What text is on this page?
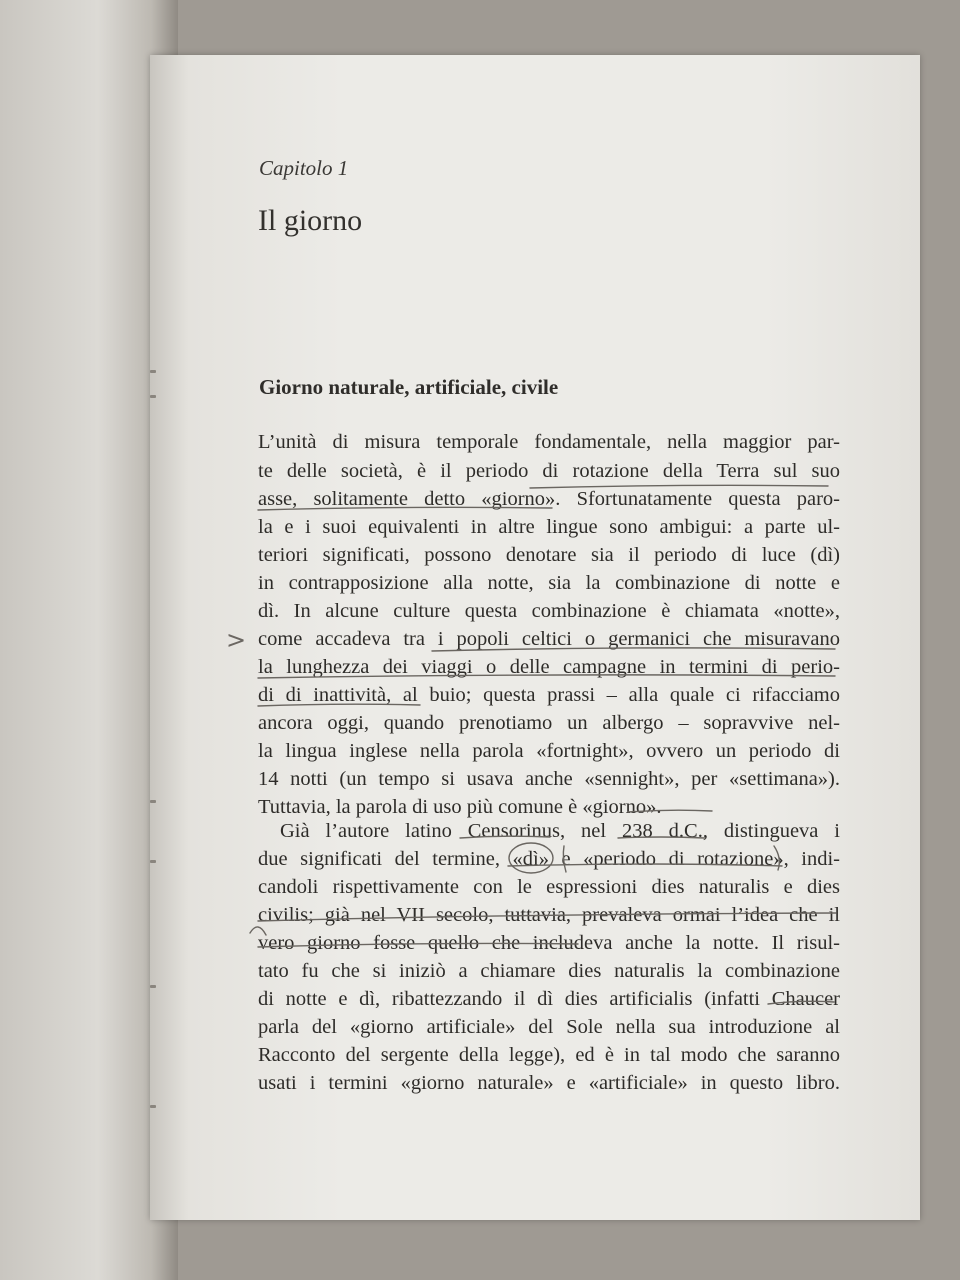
Capitolo 1

Il giorno
Giorno naturale, artificiale, civile
L’unità di misura temporale fondamentale, nella maggior par-
te delle società, è il periodo di rotazione della Terra sul suo
asse, solitamente detto «giorno». Sfortunatamente questa paro-
la e i suoi equivalenti in altre lingue sono ambigui: a parte ul-
teriori significati, possono denotare sia il periodo di luce (dì)
in contrapposizione alla notte, sia la combinazione di notte e
dì. In alcune culture questa combinazione è chiamata «notte»,
come accadeva tra i popoli celtici o germanici che misuravano
la lunghezza dei viaggi o delle campagne in termini di perio-
di di inattività, al buio; questa prassi – alla quale ci rifacciamo
ancora oggi, quando prenotiamo un albergo – sopravvive nel-
la lingua inglese nella parola «fortnight», ovvero un periodo di
14 notti (un tempo si usava anche «sennight», per «settimana»).
Tuttavia, la parola di uso più comune è «giorno».
Già l’autore latino Censorinus, nel 238 d.C., distingueva i
due significati del termine, «dì» e «periodo di rotazione», indi-
candoli rispettivamente con le espressioni dies naturalis e dies
civilis; già nel VII secolo, tuttavia, prevaleva ormai l’idea che il
vero giorno fosse quello che includeva anche la notte. Il risul-
tato fu che si iniziò a chiamare dies naturalis la combinazione
di notte e dì, ribattezzando il dì dies artificialis (infatti Chaucer
parla del «giorno artificiale» del Sole nella sua introduzione al
Racconto del sergente della legge), ed è in tal modo che saranno
usati i termini «giorno naturale» e «artificiale» in questo libro.
>
